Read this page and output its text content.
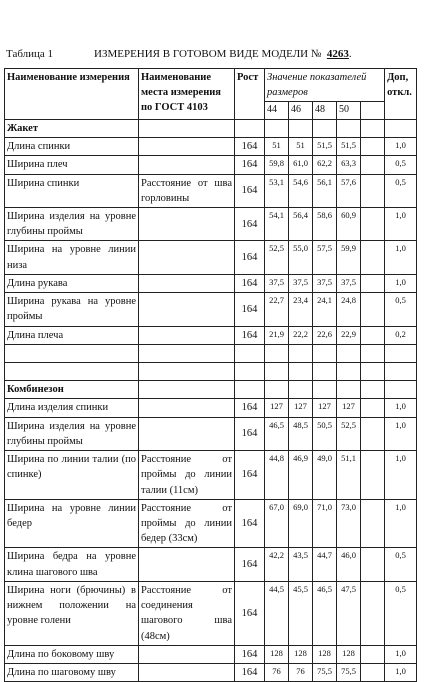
Таблица 1	ИЗМЕРЕНИЯ В ГОТОВОМ ВИДЕ МОДЕЛИ № 4263.
Наименование измерения	Наименование места измерения по ГОСТ 4103	Рост	Значение показателей размеров					Доп, откл.
			44	46	48	50		
Жакет								
Длина спинки		164	51	51	51,5	51,5		1,0
Ширина плеч		164	59,8	61,0	62,2	63,3		0,5
Ширина спинки	Расстояние от шва горловины	164	53,1	54,6	56,1	57,6		0,5
Ширина изделия на уровне глубины проймы		164	54,1	56,4	58,6	60,9		1,0
Ширина на уровне линии низа		164	52,5	55,0	57,5	59,9		1,0
Длина рукава		164	37,5	37,5	37,5	37,5		1,0
Ширина рукава на уровне проймы		164	22,7	23,4	24,1	24,8		0,5
Длина плеча		164	21,9	22,2	22,6	22,9		0,2

Комбинезон								
Длина изделия спинки		164	127	127	127	127		1,0
Ширина изделия на уровне глубины проймы		164	46,5	48,5	50,5	52,5		1,0
Ширина по линии талии (по спинке)	Расстояние от проймы до линии талии (11см)	164	44,8	46,9	49,0	51,1		1,0
Ширина на уровне линии бедер	Расстояние от проймы до линии бедер (33см)	164	67,0	69,0	71,0	73,0		1,0
Ширина бедра на уровне клина шагового шва		164	42,2	43,5	44,7	46,0		0,5
Ширина ноги (брючины) в нижнем положении на уровне голени	Расстояние от соединения шагового шва (48см)	164	44,5	45,5	46,5	47,5		0,5
Длина по боковому шву		164	128	128	128	128		1,0
Длина по шаговому шву		164	76	76	75,5	75,5		1,0
